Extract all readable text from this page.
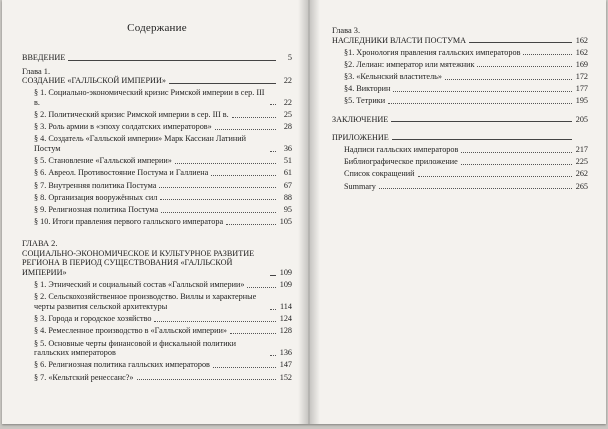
Содержание
ВВЕДЕНИЕ	5
Глава 1.
СОЗДАНИЕ «ГАЛЛЬСКОЙ ИМПЕРИИ»	22
§ 1. Социально-экономический кризис Римской империи в сер. III в.	22
§ 2. Политический кризис Римской империи в сер. III в.	25
§ 3. Роль армии в «эпоху солдатских императоров»	28
§ 4. Создатель «Галльской империи» Марк Кассиан Латиний Постум	36
§ 5. Становление «Галльской империи»	51
§ 6. Аврeол. Противостояние Постума и Галлиена	61
§ 7. Внутренняя политика Постума	67
§ 8. Организация вооружённых сил	88
§ 9. Религиозная политика Постума	95
§ 10. Итоги правления первого галльского императора	105
ГЛАВА 2.
СОЦИАЛЬНО-ЭКОНОМИЧЕСКОЕ И КУЛЬТУРНОЕ РАЗВИТИЕ РЕГИОНА В ПЕРИОД СУЩЕСТВОВАНИЯ «ГАЛЛЬСКОЙ ИМПЕРИИ»	109
§ 1. Этнический и социальный состав «Галльской империи»	109
§ 2. Сельскохозяйственное производство. Виллы и характерные черты развития сельской архитектуры	114
§ 3. Города и городское хозяйство	124
§ 4. Ремесленное производство в «Галльской империи»	128
§ 5. Основные черты финансовой и фискальной политики галльских императоров	136
§ 6. Религиозная политика галльских императоров	147
§ 7. «Кельтский ренессанс?»	152
Глава 3.
НАСЛЕДНИКИ ВЛАСТИ ПОСТУМА	162
§1. Хронология правления галльских императоров	162
§2. Лелиан: император или мятежник	169
§3. «Кельнский властитель»	172
§4. Викторин	177
§5. Тетрики	195
ЗАКЛЮЧЕНИЕ	205
ПРИЛОЖЕНИЕ
Надписи галльских императоров	217
Библиографическое приложение	225
Список сокращений	262
Summary	265
